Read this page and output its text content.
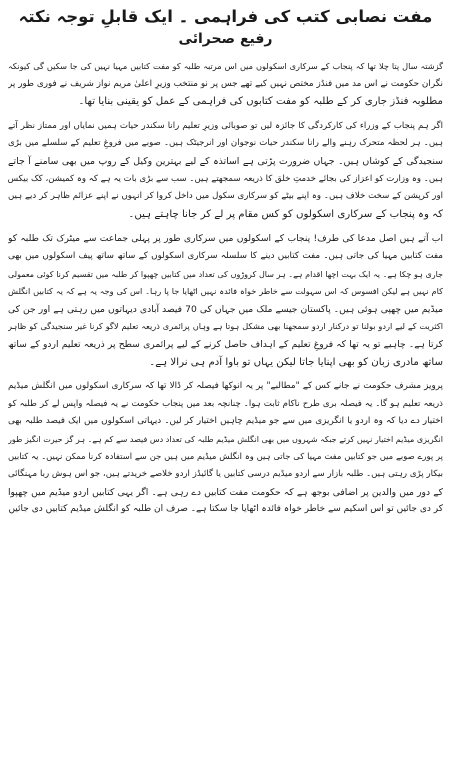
مفت نصابی کتب کی فراہمی ۔ ایک قابلِ توجہ نکتہ
رفیع صحرائی
گزشتہ سال پتا چلا تھا کہ پنجاب کے سرکاری اسکولوں میں اس مرتبہ طلبہ کو مفت کتابیں مہیا نہیں کی جا سکیں گی کیونکہ
نگران حکومت نے اس مد میں فنڈز مختص نہیں کیے تھے جس پر نو منتخب وزیرِ اعلیٰ مریم نواز شریف نے فوری طور پر
مطلوبہ فنڈز جاری کر کے طلبہ کو مفت کتابوں کی فراہمی کے عمل کو یقینی بنایا تھا۔
اگر ہم پنجاب کے وزراء کی کارکردگی کا جائزہ لیں تو صوبائی وزیرِ تعلیم رانا سکندر حیات ہمیں نمایاں اور ممتاز نظر آتے
ہیں۔ ہر لحظہ متحرک رہنے والے رانا سکندر حیات نوجوان اور انرجیٹک ہیں۔ صوبے میں فروغِ تعلیم کے سلسلے میں بڑی
سنجیدگی کے کوشاں ہیں۔ جہاں ضرورت پڑتی ہے اساتذہ کے لیے بہترین وکیل کے روپ میں بھی سامنے آ جاتے
ہیں۔ وہ وزارت کو اعزاز کی بجائے خدمتِ خلق کا ذریعہ سمجھتے ہیں۔ سب سے بڑی بات یہ ہے کہ وہ کمیشن، کک بیکس
اور کرپشن کے سخت خلاف ہیں۔ وہ اپنے بیٹے کو سرکاری سکول میں داخل کروا کر انہوں نے اپنے عزائم ظاہر کر دیے ہیں
کہ وہ پنجاب کے سرکاری اسکولوں کو کس مقام پر لے کر جانا چاہتے ہیں۔
اب آتے ہیں اصل مدعا کی طرف! پنجاب کے اسکولوں میں سرکاری طور پر پہلی جماعت سے میٹرک تک طلبہ کو
مفت کتابیں مہیا کی جاتی ہیں۔ مفت کتابیں دینے کا سلسلہ سرکاری اسکولوں کے ساتھ ساتھ پیف اسکولوں میں بھی
جاری ہو چکا ہے۔ یہ ایک بہت اچھا اقدام ہے۔ ہر سال کروڑوں کی تعداد میں کتابیں چھپوا کر طلبہ میں تقسیم کرنا کوئی معمولی
کام نہیں ہے لیکن افسوس کہ اس سہولت سے خاطر خواہ فائدہ نہیں اٹھایا جا پا رہا۔ اس کی وجہ یہ ہے کہ یہ کتابیں انگلش
میڈیم میں چھپی ہوئی ہیں۔ پاکستان جیسے ملک میں جہاں کی 70 فیصد آبادی دیہاتوں میں رہتی ہے اور جن کی
اکثریت کے لیے اردو بولنا تو درکنار اردو سمجھنا بھی مشکل ہوتا ہے وہاں پرائمری ذریعہ تعلیم لاگو کرنا غیر سنجیدگی کو ظاہر
کرتا ہے۔ چاہیے تو یہ تھا کہ فروغِ تعلیم کے اہداف حاصل کرنے کے لیے پرائمری سطح پر ذریعہ تعلیم اردو کے ساتھ
ساتھ مادری زبان کو بھی اپنایا جاتا لیکن یہاں تو باوا آدم ہی نرالا ہے۔
پرویز مشرف حکومت نے جانے کس کے "مطالبے" پر یہ انوکھا فیصلہ کر ڈالا تھا کہ سرکاری اسکولوں میں انگلش میڈیم
ذریعہ تعلیم ہو گا۔ یہ فیصلہ بری طرح ناکام ثابت ہوا۔ چنانچہ بعد میں پنجاب حکومت نے یہ فیصلہ واپس لے کر طلبہ کو
اختیار دے دیا کہ وہ اردو یا انگریزی میں سے جو میڈیم چاہیں اختیار کر لیں۔ دیہاتی اسکولوں میں ایک فیصد طلبہ بھی
انگریزی میڈیم اختیار نہیں کرتے جبکہ شہروں میں بھی انگلش میڈیم طلبہ کی تعداد دس فیصد سے کم ہے۔ ہر گز حیرت انگیز طور
پر پورے صوبے میں جو کتابیں مفت مہیا کی جاتی ہیں وہ انگلش میڈیم میں ہیں جن سے استفادہ کرنا ممکن نہیں۔ یہ کتابیں
بیکار پڑی رہتی ہیں۔ طلبہ بازار سے اردو میڈیم درسی کتابیں یا گائیڈز اردو خلاصے خریدتے ہیں، جو اس ہوش ربا مہنگائی
کے دور میں والدین پر اضافی بوجھ ہے کہ حکومت مفت کتابیں دے رہی ہے۔ اگر یہی کتابیں اردو میڈیم میں چھپوا
کر دی جائیں تو اس اسکیم سے خاطر خواہ فائدہ اٹھایا جا سکتا ہے۔ صرف ان طلبہ کو انگلش میڈیم کتابیں دی جائیں
